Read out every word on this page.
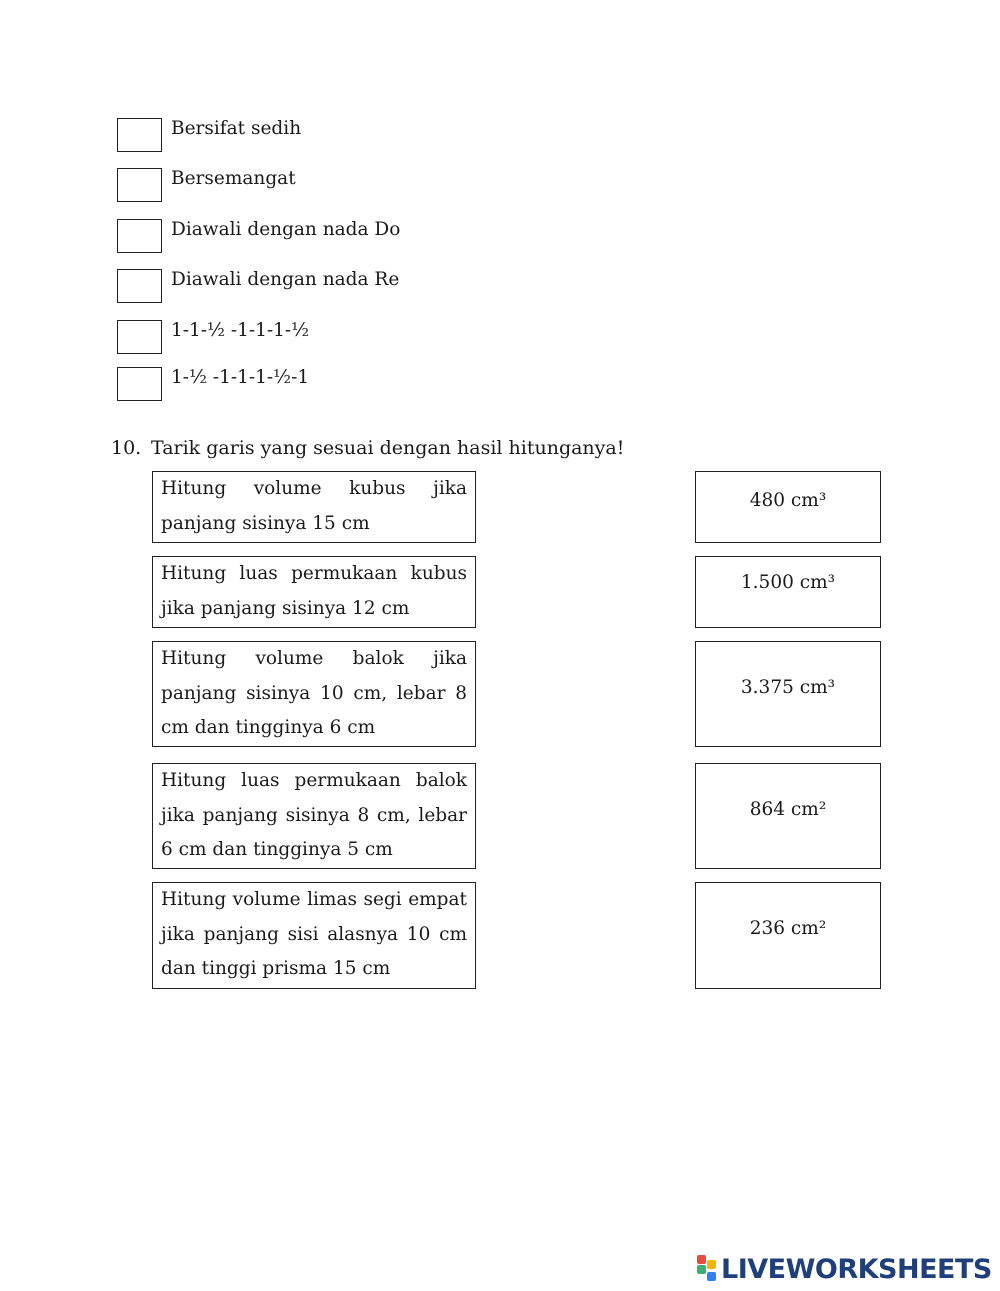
Bersifat sedih
Bersemangat
Diawali dengan nada Do
Diawali dengan nada Re
1-1-½ -1-1-1-½
1-½ -1-1-1-½-1
10. Tarik garis yang sesuai dengan hasil hitunganya!
Hitung volume kubus jika panjang sisinya 15 cm
Hitung luas permukaan kubus jika panjang sisinya 12 cm
Hitung volume balok jika panjang sisinya 10 cm, lebar 8 cm dan tingginya 6 cm
Hitung luas permukaan balok jika panjang sisinya 8 cm, lebar 6 cm dan tingginya 5 cm
Hitung volume limas segi empat jika panjang sisi alasnya 10 cm dan tinggi prisma 15 cm
480 cm³
1.500 cm³
3.375 cm³
864 cm²
236 cm²
LIVEWORKSHEETS
